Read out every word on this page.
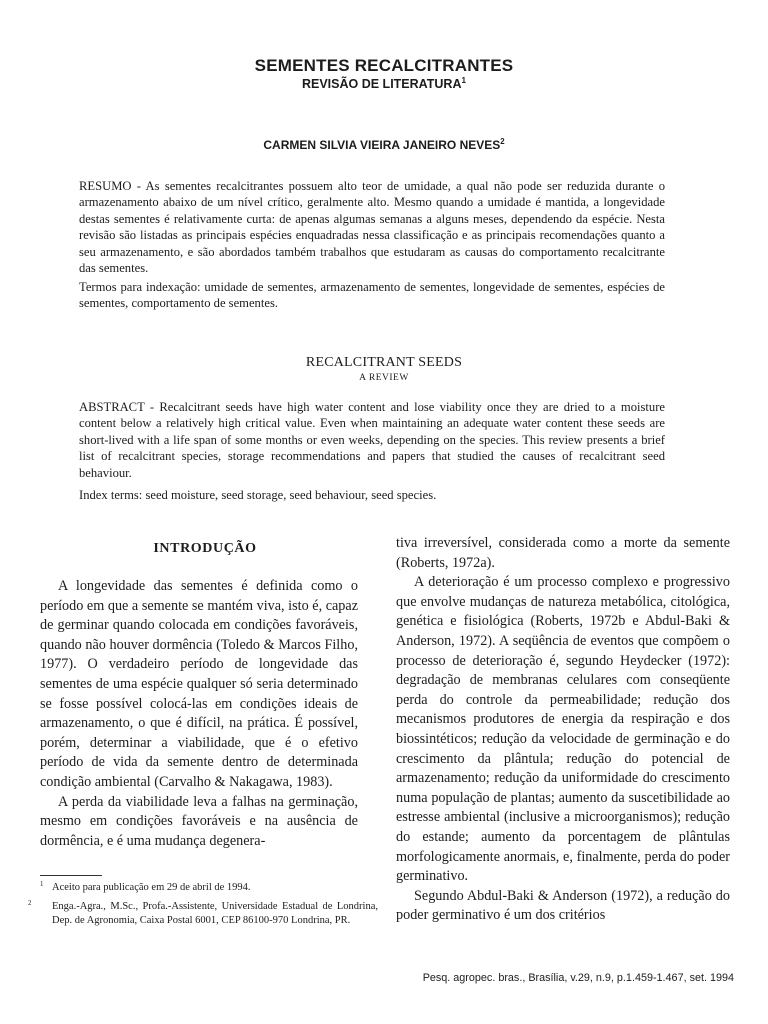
SEMENTES RECALCITRANTES
REVISÃO DE LITERATURA$^1$
CARMEN SILVIA VIEIRA JANEIRO NEVES$^2$
RESUMO - As sementes recalcitrantes possuem alto teor de umidade, a qual não pode ser reduzida durante o armazenamento abaixo de um nível crítico, geralmente alto. Mesmo quando a umidade é mantida, a longevidade destas sementes é relativamente curta: de apenas algumas semanas a alguns meses, dependendo da espécie. Nesta revisão são listadas as principais espécies enquadradas nessa classificação e as principais recomendações quanto a seu armazenamento, e são abordados também trabalhos que estudaram as causas do comportamento recalcitrante das sementes.
Termos para indexação: umidade de sementes, armazenamento de sementes, longevidade de sementes, espécies de sementes, comportamento de sementes.
RECALCITRANT SEEDS
A REVIEW
ABSTRACT - Recalcitrant seeds have high water content and lose viability once they are dried to a moisture content below a relatively high critical value. Even when maintaining an adequate water content these seeds are short-lived with a life span of some months or even weeks, depending on the species. This review presents a brief list of recalcitrant species, storage recommendations and papers that studied the causes of recalcitrant seed behaviour.
Index terms: seed moisture, seed storage, seed behaviour, seed species.
INTRODUÇÃO

A longevidade das sementes é definida como o período em que a semente se mantém viva, isto é, capaz de germinar quando colocada em condições favoráveis, quando não houver dormência (Toledo & Marcos Filho, 1977). O verdadeiro período de longevidade das sementes de uma espécie qualquer só seria determinado se fosse possível colocá-las em condições ideais de armazenamento, o que é difícil, na prática. É possível, porém, determinar a viabilidade, que é o efetivo período de vida da semente dentro de determinada condição ambiental (Carvalho & Nakagawa, 1983).

A perda da viabilidade leva a falhas na germinação, mesmo em condições favoráveis e na ausência de dormência, e é uma mudança degenera-

tiva irreversível, considerada como a morte da semente (Roberts, 1972a).

A deterioração é um processo complexo e progressivo que envolve mudanças de natureza metabólica, citológica, genética e fisiológica (Roberts, 1972b e Abdul-Baki & Anderson, 1972). A seqüência de eventos que compõem o processo de deterioração é, segundo Heydecker (1972): degradação de membranas celulares com conseqüente perda do controle da permeabilidade; redução dos mecanismos produtores de energia da respiração e dos biossintéticos; redução da velocidade de germinação e do crescimento da plântula; redução do potencial de armazenamento; redução da uniformidade do crescimento numa população de plantas; aumento da suscetibilidade ao estresse ambiental (inclusive a microorganismos); redução do estande; aumento da porcentagem de plântulas morfologicamente anormais, e, finalmente, perda do poder germinativo.

Segundo Abdul-Baki & Anderson (1972), a redução do poder germinativo é um dos critérios

$^1$ Aceito para publicação em 29 de abril de 1994.
$^2$ Enga.-Agra., M.Sc., Profa.-Assistente, Universidade Estadual de Londrina, Dep. de Agronomia, Caixa Postal 6001, CEP 86100-970 Londrina, PR.
Pesq. agropec. bras., Brasília, v.29, n.9, p.1.459-1.467, set. 1994
